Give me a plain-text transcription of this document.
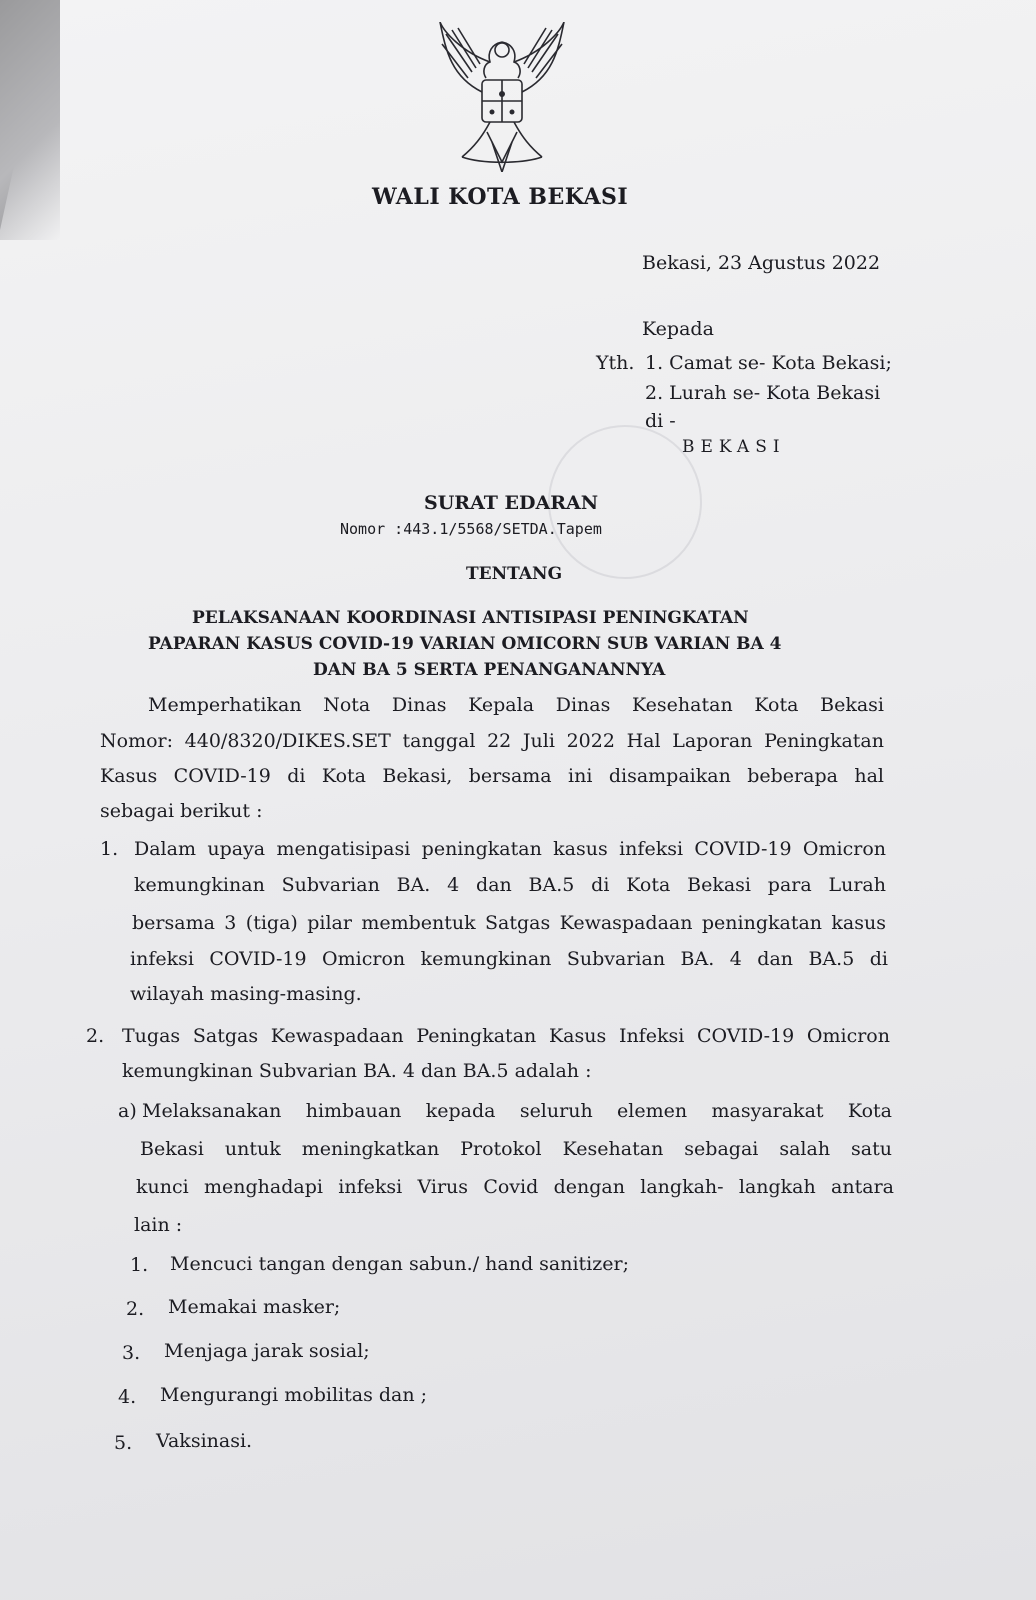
WALI KOTA BEKASI
Bekasi, 23 Agustus 2022
Kepada
Yth. 1. Camat se- Kota Bekasi;
2. Lurah se- Kota Bekasi
di -
BEKASI
SURAT EDARAN
Nomor :443.1/5568/SETDA.Tapem
TENTANG
PELAKSANAAN KOORDINASI ANTISIPASI PENINGKATAN
PAPARAN KASUS COVID-19 VARIAN OMICORN SUB VARIAN BA 4
DAN BA 5 SERTA PENANGANANNYA
Memperhatikan Nota Dinas Kepala Dinas Kesehatan Kota Bekasi
Nomor: 440/8320/DIKES.SET tanggal 22 Juli 2022 Hal Laporan Peningkatan
Kasus COVID-19 di Kota Bekasi, bersama ini disampaikan beberapa hal
sebagai berikut :
1. Dalam upaya mengatisipasi peningkatan kasus infeksi COVID-19 Omicron
kemungkinan Subvarian BA. 4 dan BA.5 di Kota Bekasi para Lurah
bersama 3 (tiga) pilar membentuk Satgas Kewaspadaan peningkatan kasus
infeksi COVID-19 Omicron kemungkinan Subvarian BA. 4 dan BA.5 di
wilayah masing-masing.
2. Tugas Satgas Kewaspadaan Peningkatan Kasus Infeksi COVID-19 Omicron
kemungkinan Subvarian BA. 4 dan BA.5 adalah :
a) Melaksanakan himbauan kepada seluruh elemen masyarakat Kota
Bekasi untuk meningkatkan Protokol Kesehatan sebagai salah satu
kunci menghadapi infeksi Virus Covid dengan langkah- langkah antara
lain :
1. Mencuci tangan dengan sabun./ hand sanitizer;
2. Memakai masker;
3. Menjaga jarak sosial;
4. Mengurangi mobilitas dan ;
5. Vaksinasi.
